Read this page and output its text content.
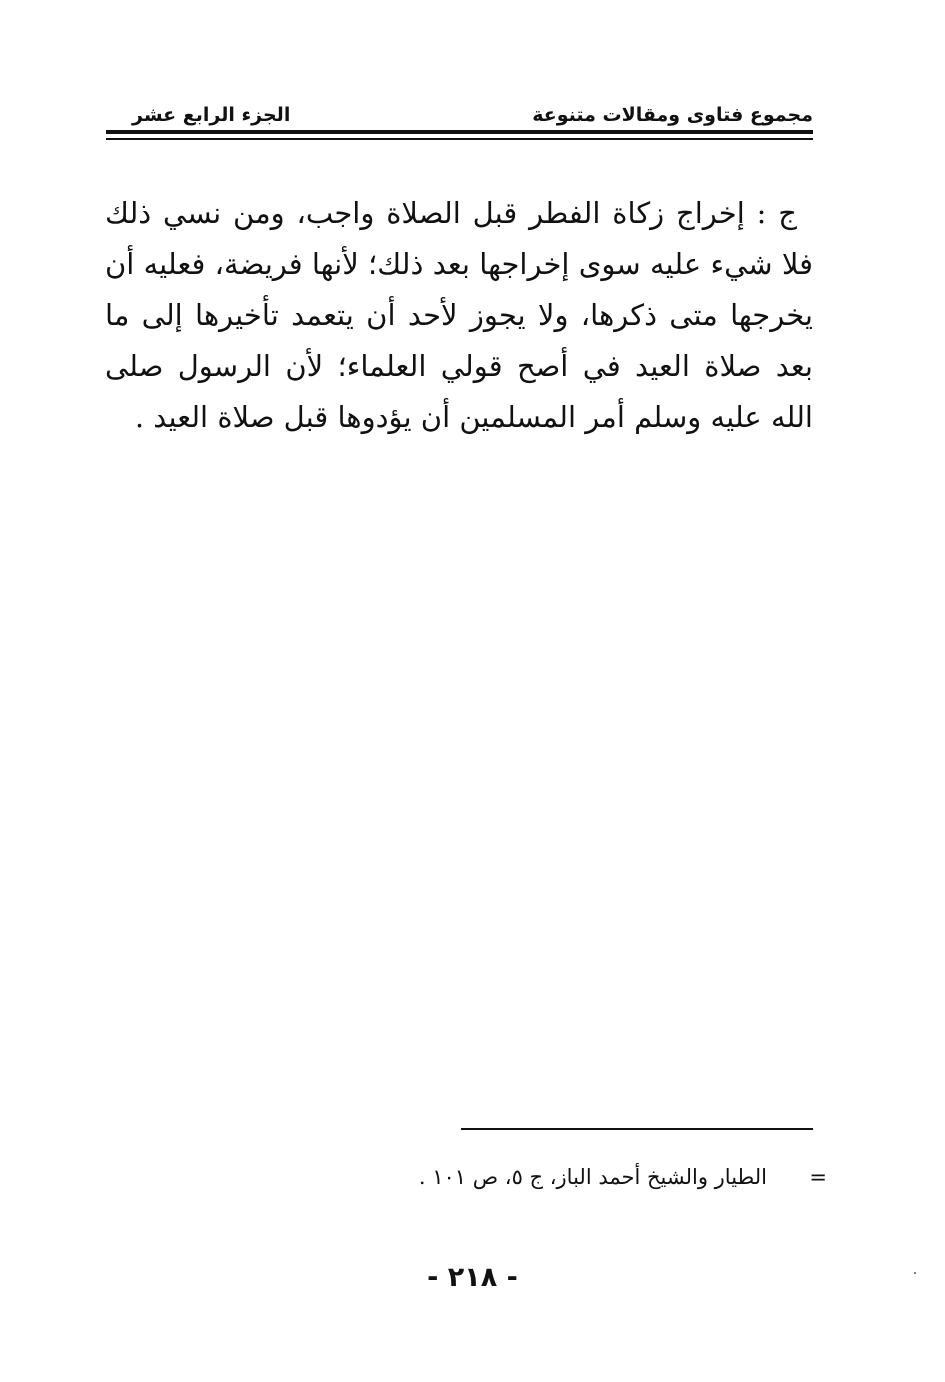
مجموع فتاوى ومقالات متنوعة
الجزء الرابع عشر

ج : إخراج زكاة الفطر قبل الصلاة واجب، ومن نسي ذلك فلا شيء عليه سوى إخراجها بعد ذلك؛ لأنها فريضة، فعليه أن يخرجها متى ذكرها، ولا يجوز لأحد أن يتعمد تأخيرها إلى ما بعد صلاة العيد في أصح قولي العلماء؛ لأن الرسول صلى الله عليه وسلم أمر المسلمين أن يؤدوها قبل صلاة العيد .

=
الطيار والشيخ أحمد الباز، ج ٥، ص ١٠١ .
- ٢١٨ -
